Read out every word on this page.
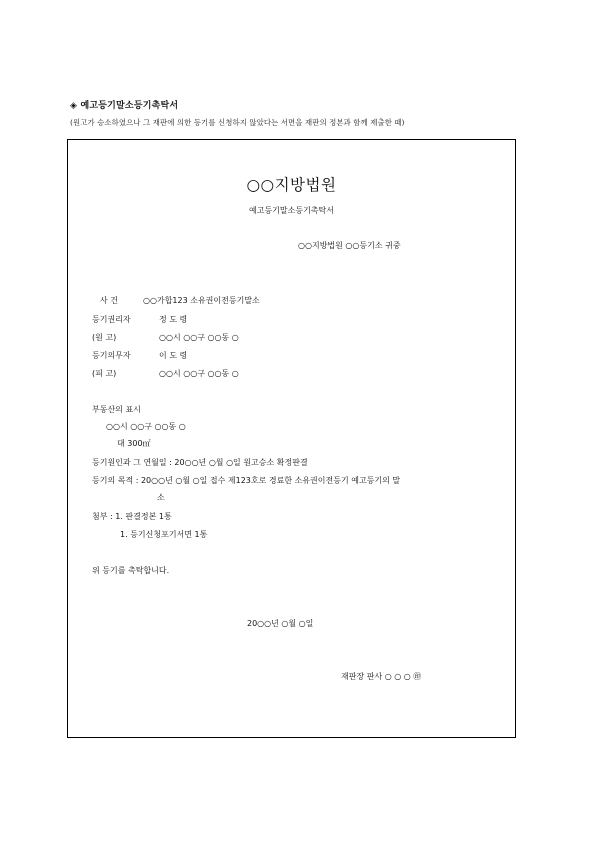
◈ 예고등기말소등기촉탁서
(원고가 승소하였으나 그 재판에 의한 등기를 신청하지 않았다는 서면을 재판의 정본과 함께 제출한 때)
○○지방법원
예고등기말소등기촉탁서
○○지방법원 ○○등기소 귀중
사 건	○○가합123 소유권이전등기말소
등기권리자	정 도 령
(원 고)	○○시 ○○구 ○○동 ○
등기의무자	이 도 령
(피 고)	○○시 ○○구 ○○동 ○
부동산의 표시
○○시 ○○구 ○○동 ○
대 300㎡
등기원인과 그 연월일 : 20○○년 ○월 ○일 원고승소 확정판결
등기의 목적 : 20○○년 ○월 ○일 접수 제123호로 경료한 소유권이전등기 예고등기의 말
소
첨부 : 1. 판결정본 1통
1. 등기신청포기서면 1통
위 등기를 촉탁합니다.
20○○년 ○월 ○일
재판장 판사 ○ ○ ○ ㊞
